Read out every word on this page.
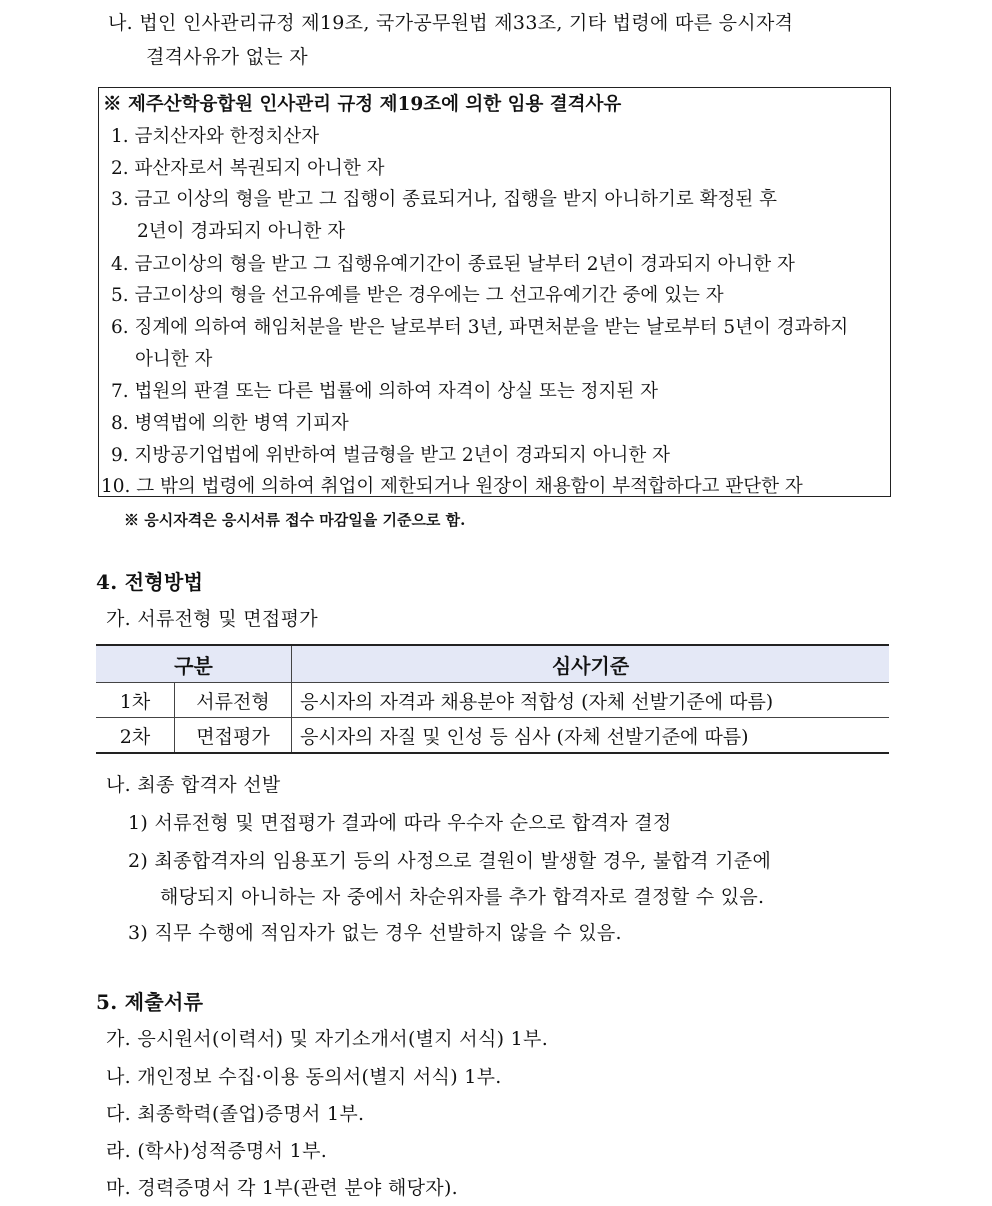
나. 법인 인사관리규정 제19조, 국가공무원법 제33조, 기타 법령에 따른 응시자격
결격사유가 없는 자
※ 제주산학융합원 인사관리 규정 제19조에 의한 임용 결격사유
1. 금치산자와 한정치산자
2. 파산자로서 복권되지 아니한 자
3. 금고 이상의 형을 받고 그 집행이 종료되거나, 집행을 받지 아니하기로 확정된 후
2년이 경과되지 아니한 자
4. 금고이상의 형을 받고 그 집행유예기간이 종료된 날부터 2년이 경과되지 아니한 자
5. 금고이상의 형을 선고유예를 받은 경우에는 그 선고유예기간 중에 있는 자
6. 징계에 의하여 해임처분을 받은 날로부터 3년, 파면처분을 받는 날로부터 5년이 경과하지
아니한 자
7. 법원의 판결 또는 다른 법률에 의하여 자격이 상실 또는 정지된 자
8. 병역법에 의한 병역 기피자
9. 지방공기업법에 위반하여 벌금형을 받고 2년이 경과되지 아니한 자
10. 그 밖의 법령에 의하여 취업이 제한되거나 원장이 채용함이 부적합하다고 판단한 자
※ 응시자격은 응시서류 접수 마감일을 기준으로 함.
4. 전형방법
가. 서류전형 및 면접평가
구분		심사기준
1차	서류전형	응시자의 자격과 채용분야 적합성 (자체 선발기준에 따름)
2차	면접평가	응시자의 자질 및 인성 등 심사 (자체 선발기준에 따름)
나. 최종 합격자 선발
1) 서류전형 및 면접평가 결과에 따라 우수자 순으로 합격자 결정
2) 최종합격자의 임용포기 등의 사정으로 결원이 발생할 경우, 불합격 기준에
해당되지 아니하는 자 중에서 차순위자를 추가 합격자로 결정할 수 있음.
3) 직무 수행에 적임자가 없는 경우 선발하지 않을 수 있음.
5. 제출서류
가. 응시원서(이력서) 및 자기소개서(별지 서식) 1부.
나. 개인정보 수집·이용 동의서(별지 서식) 1부.
다. 최종학력(졸업)증명서 1부.
라. (학사)성적증명서 1부.
마. 경력증명서 각 1부(관련 분야 해당자).
